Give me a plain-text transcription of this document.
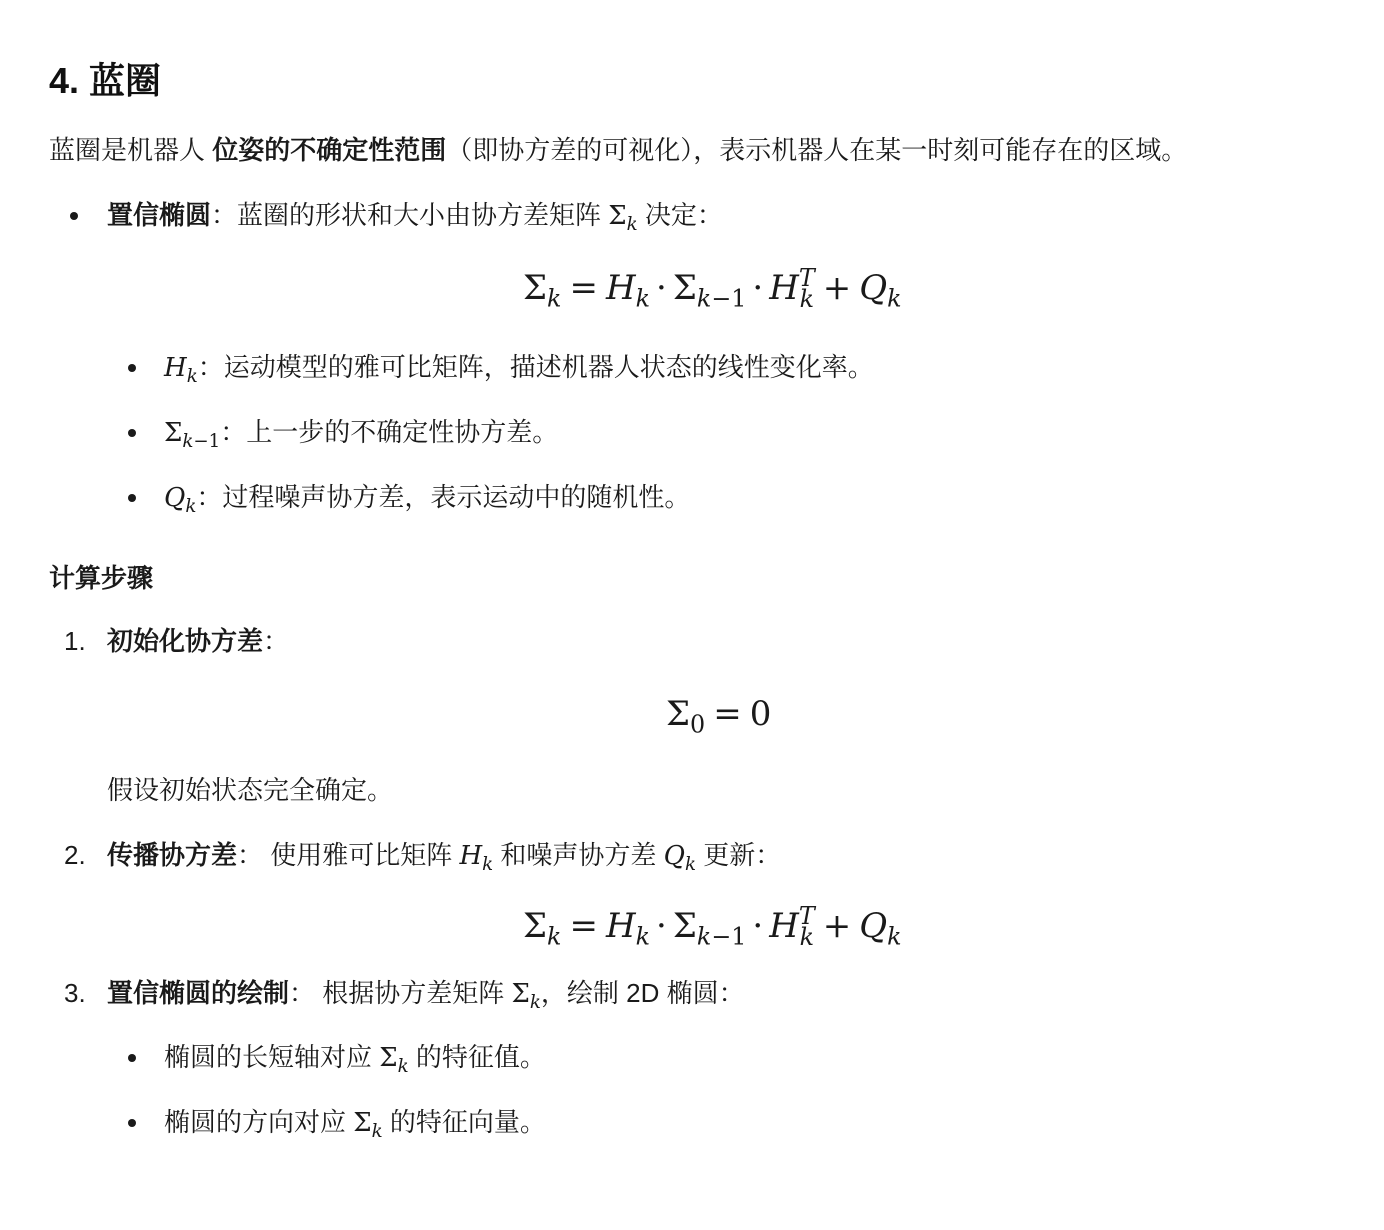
4. 蓝圈
蓝圈是机器人 位姿的不确定性范围（即协方差的可视化），表示机器人在某一时刻可能存在的区域。
置信椭圆：蓝圈的形状和大小由协方差矩阵 $\Sigma_k$ 决定：
$\Sigma_k = H_k \cdot \Sigma_{k-1} \cdot H$ T
$k + Q_k$
$H_k$：运动模型的雅可比矩阵，描述机器人状态的线性变化率。
$\Sigma_{k-1}$：上一步的不确定性协方差。
$Q_k$：过程噪声协方差，表示运动中的随机性。
计算步骤
1. 初始化协方差：
$\Sigma_0 = 0$
假设初始状态完全确定。
2. 传播协方差： 使用雅可比矩阵 $H_k$ 和噪声协方差 $Q_k$ 更新：
$\Sigma_k = H_k \cdot \Sigma_{k-1} \cdot H$ T
$k + Q_k$
3. 置信椭圆的绘制： 根据协方差矩阵 $\Sigma_k$，绘制 2D 椭圆：
椭圆的长短轴对应 $\Sigma_k$ 的特征值。
椭圆的方向对应 $\Sigma_k$ 的特征向量。
